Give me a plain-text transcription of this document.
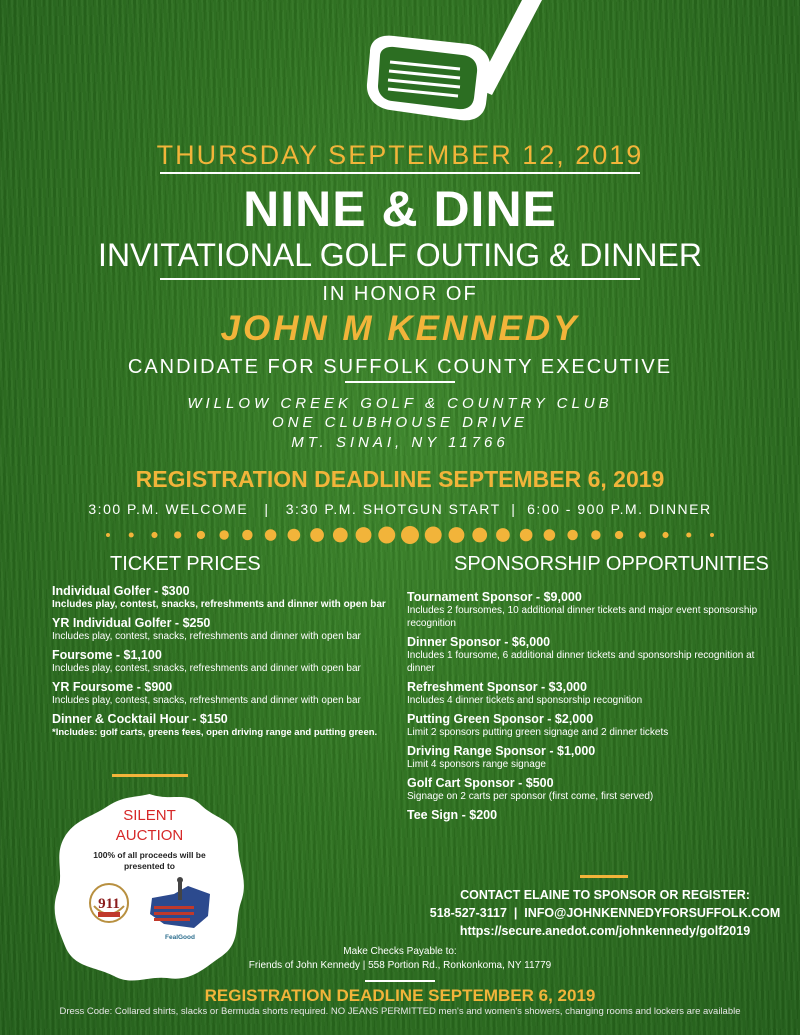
THURSDAY SEPTEMBER 12, 2019
NINE & DINE
INVITATIONAL GOLF OUTING & DINNER
IN HONOR OF
JOHN M KENNEDY
CANDIDATE FOR SUFFOLK COUNTY EXECUTIVE
WILLOW CREEK GOLF & COUNTRY CLUB
ONE CLUBHOUSE DRIVE
MT. SINAI, NY 11766
REGISTRATION DEADLINE SEPTEMBER 6, 2019
3:00 P.M. WELCOME   |   3:30 P.M. SHOTGUN START  |  6:00 - 900 P.M. DINNER
TICKET PRICES	SPONSORSHIP OPPORTUNITIES
Individual Golfer - $300
Includes play, contest, snacks, refreshments and dinner with open bar
YR Individual Golfer - $250
Includes play, contest, snacks, refreshments and dinner with open bar
Foursome - $1,100
Includes play, contest, snacks, refreshments and dinner with open bar
YR Foursome - $900
Includes play, contest, snacks, refreshments and dinner with open bar
Dinner & Cocktail Hour - $150
*Includes: golf carts, greens fees, open driving range and putting green.
Tournament Sponsor - $9,000
Includes 2 foursomes, 10 additional dinner tickets and major event sponsorship recognition
Dinner Sponsor - $6,000
Includes 1 foursome, 6 additional dinner tickets and sponsorship recognition at dinner
Refreshment Sponsor - $3,000
Includes 4 dinner tickets and sponsorship recognition
Putting Green Sponsor - $2,000
Limit 2 sponsors putting green signage and 2 dinner tickets
Driving Range Sponsor - $1,000
Limit 4 sponsors range signage
Golf Cart Sponsor - $500
Signage on 2 carts per sponsor (first come, first served)
Tee Sign - $200
SILENT
AUCTION
100% of all proceeds will be presented to
911
FealGood
CONTACT ELAINE TO SPONSOR OR REGISTER:
518-527-3117  |  INFO@JOHNKENNEDYFORSUFFOLK.COM
https://secure.anedot.com/johnkennedy/golf2019
Make Checks Payable to:
Friends of John Kennedy | 558 Portion Rd., Ronkonkoma, NY 11779
REGISTRATION DEADLINE SEPTEMBER 6, 2019
Dress Code: Collared shirts, slacks or Bermuda shorts required. NO JEANS PERMITTED men's and women's showers, changing rooms and lockers are available
